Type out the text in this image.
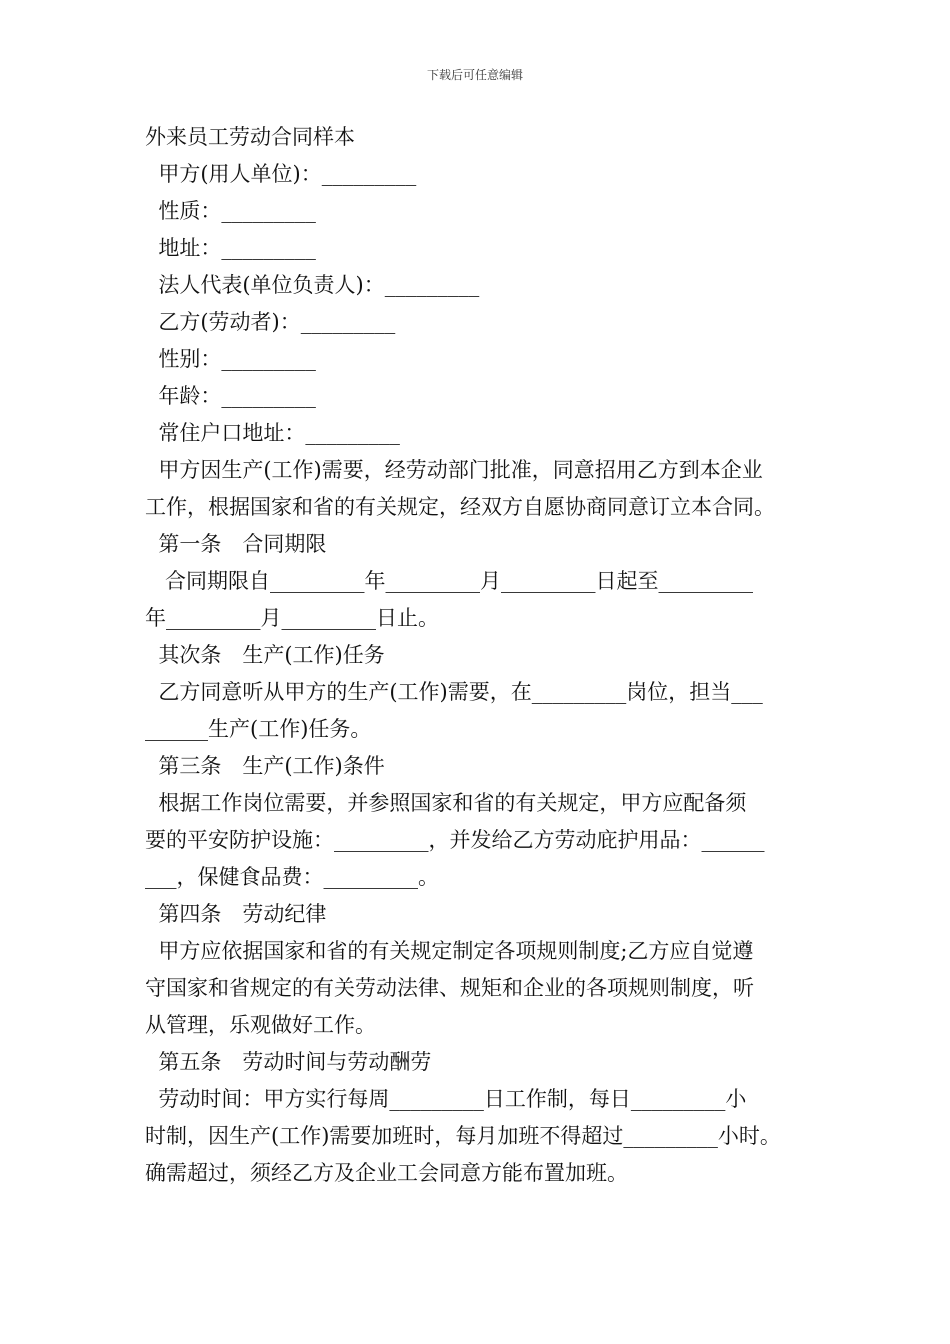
下载后可任意编辑
外来员工劳动合同样本
甲方(用人单位)：_________
性质：_________
地址：_________
法人代表(单位负责人)：_________
乙方(劳动者)：_________
性别：_________
年龄：_________
常住户口地址：_________
甲方因生产(工作)需要，经劳动部门批准，同意招用乙方到本企业
工作，根据国家和省的有关规定，经双方自愿协商同意订立本合同。
第一条　合同期限
合同期限自_________年_________月_________日起至_________
年_________月_________日止。
其次条　生产(工作)任务
乙方同意听从甲方的生产(工作)需要，在_________岗位，担当___
______生产(工作)任务。
第三条　生产(工作)条件
根据工作岗位需要，并参照国家和省的有关规定，甲方应配备须
要的平安防护设施：_________，并发给乙方劳动庇护用品：______
___，保健食品费：_________。
第四条　劳动纪律
甲方应依据国家和省的有关规定制定各项规则制度;乙方应自觉遵
守国家和省规定的有关劳动法律、规矩和企业的各项规则制度，听
从管理，乐观做好工作。
第五条　劳动时间与劳动酬劳
劳动时间：甲方实行每周_________日工作制，每日_________小
时制，因生产(工作)需要加班时，每月加班不得超过_________小时。
确需超过，须经乙方及企业工会同意方能布置加班。
